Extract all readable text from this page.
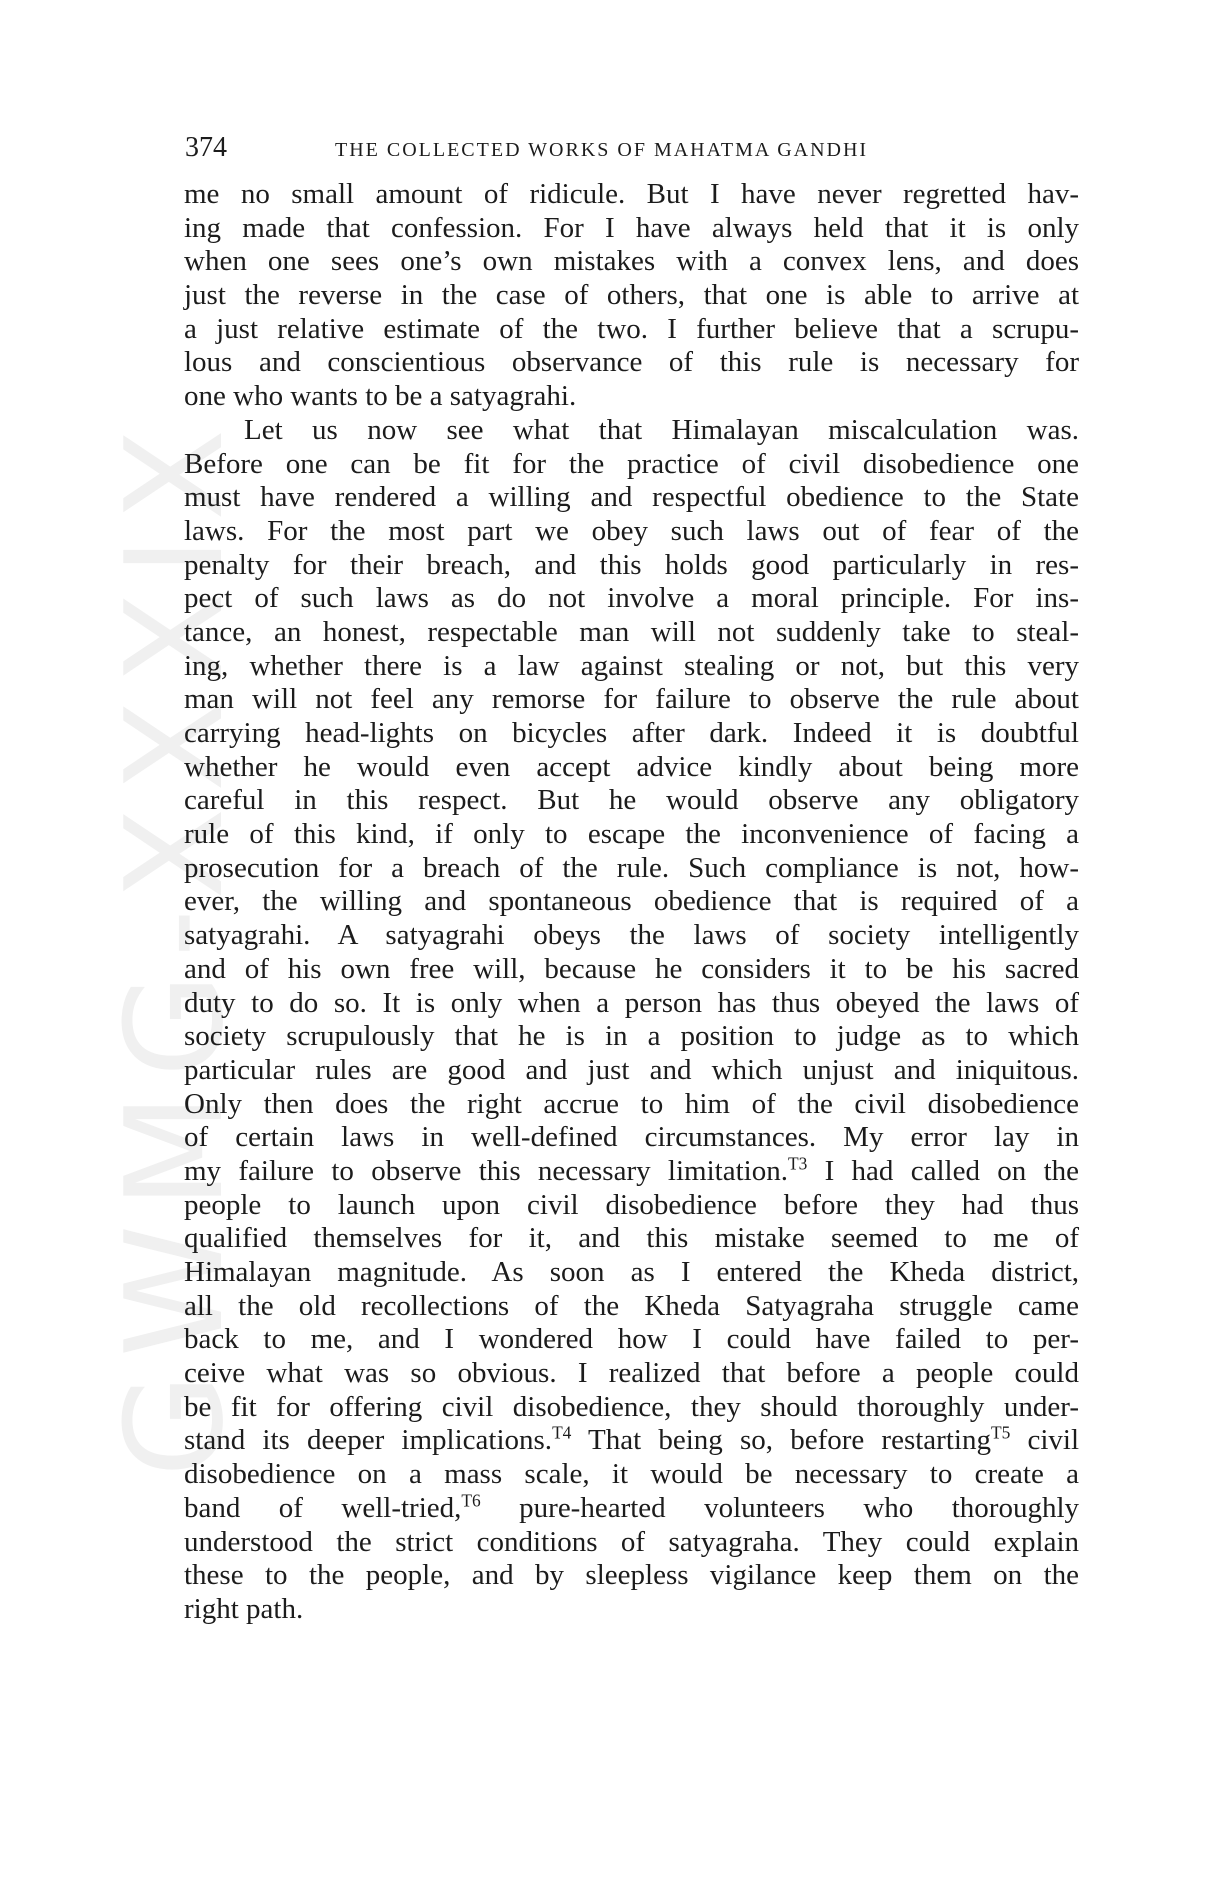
GWMG-XXXIX
374	THE COLLECTED WORKS OF MAHATMA GANDHI
me no small amount of ridicule. But I have never regretted hav-
ing made that confession. For I have always held that it is only
when one sees one’s own mistakes with a convex lens, and does
just the reverse in the case of others, that one is able to arrive at
a just relative estimate of the two. I further believe that a scrupu-
lous and conscientious observance of this rule is necessary for
one who wants to be a satyagrahi.
Let us now see what that Himalayan miscalculation was.
Before one can be fit for the practice of civil disobedience one
must have rendered a willing and respectful obedience to the State
laws. For the most part we obey such laws out of fear of the
penalty for their breach, and this holds good particularly in res-
pect of such laws as do not involve a moral principle. For ins-
tance, an honest, respectable man will not suddenly take to steal-
ing, whether there is a law against stealing or not, but this very
man will not feel any remorse for failure to observe the rule about
carrying head-lights on bicycles after dark. Indeed it is doubtful
whether he would even accept advice kindly about being more
careful in this respect. But he would observe any obligatory
rule of this kind, if only to escape the inconvenience of facing a
prosecution for a breach of the rule. Such compliance is not, how-
ever, the willing and spontaneous obedience that is required of a
satyagrahi. A satyagrahi obeys the laws of society intelligently
and of his own free will, because he considers it to be his sacred
duty to do so. It is only when a person has thus obeyed the laws of
society scrupulously that he is in a position to judge as to which
particular rules are good and just and which unjust and iniquitous.
Only then does the right accrue to him of the civil disobedience
of certain laws in well-defined circumstances. My error lay in
my failure to observe this necessary limitation.$^{T3}$ I had called on the
people to launch upon civil disobedience before they had thus
qualified themselves for it, and this mistake seemed to me of
Himalayan magnitude. As soon as I entered the Kheda district,
all the old recollections of the Kheda Satyagraha struggle came
back to me, and I wondered how I could have failed to per-
ceive what was so obvious. I realized that before a people could
be fit for offering civil disobedience, they should thoroughly under-
stand its deeper implications.$^{T4}$ That being so, before restarting$^{T5}$ civil
disobedience on a mass scale, it would be necessary to create a
band of well-tried,$^{T6}$ pure-hearted volunteers who thoroughly
understood the strict conditions of satyagraha. They could explain
these to the people, and by sleepless vigilance keep them on the
right path.
